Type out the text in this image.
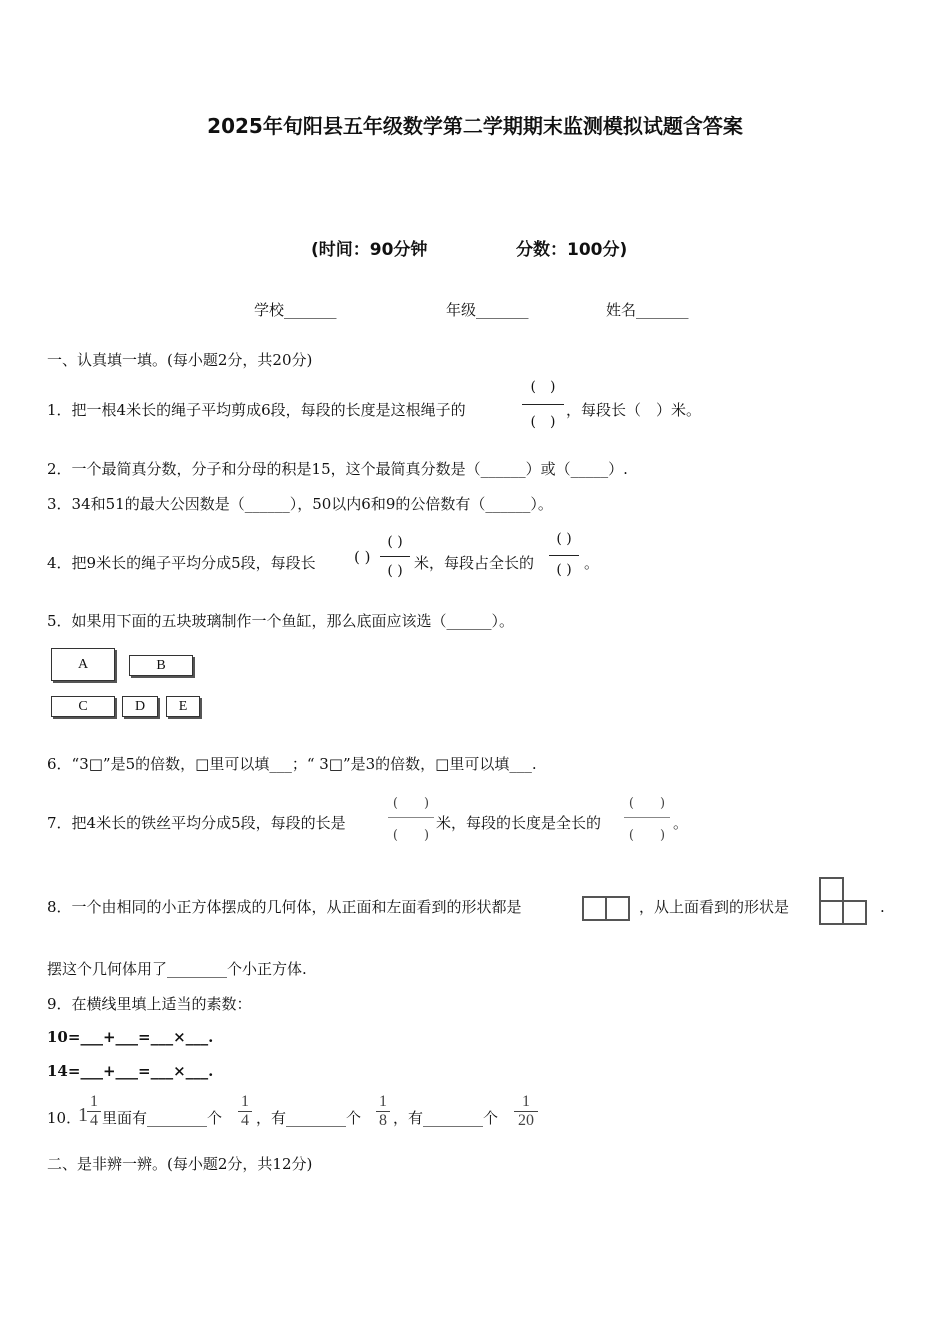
2025年旬阳县五年级数学第二学期期末监测模拟试题含答案
(时间：90分钟	分数：100分)
学校_______	年级_______	姓名_______
一、认真填一填。(每小题2分，共20分)
1．把一根4米长的绳子平均剪成6段，每段的长度是这根绳子的
(　)
(　)
，每段长（　）米。
2．一个最简真分数，分子和分母的积是15，这个最简真分数是（______）或（_____）.
3．34和51的最大公因数是（______），50以内6和9的公倍数有（______）。
4．把9米长的绳子平均分成5段，每段长	( )
( )
( ) 米，每段占全长的
( )
( ) 。
5．如果用下面的五块玻璃制作一个鱼缸，那么底面应该选（______）。
A	B
C	D	E
6．“3□”是5的倍数，□里可以填___；“ 3□”是3的倍数，□里可以填___.
7．把4米长的铁丝平均分成5段，每段的长是
(　　)
(　　)
米，每段的长度是全长的
(　　)
(　　)
。
8．一个由相同的小正方体摆成的几何体，从正面和左面看到的形状都是	，从上面看到的形状是	.
摆这个几何体用了________个小正方体.
9．在横线里填上适当的素数：
10=___+___=___×___.
14=___+___=___×___.
10．
$1 \frac{1}{4}$ 里面有________个 $\frac{1}{4}$ ，有________个 $\frac{1}{8}$ ，有________个 $\frac{1}{20}$
二、是非辨一辨。(每小题2分，共12分)
